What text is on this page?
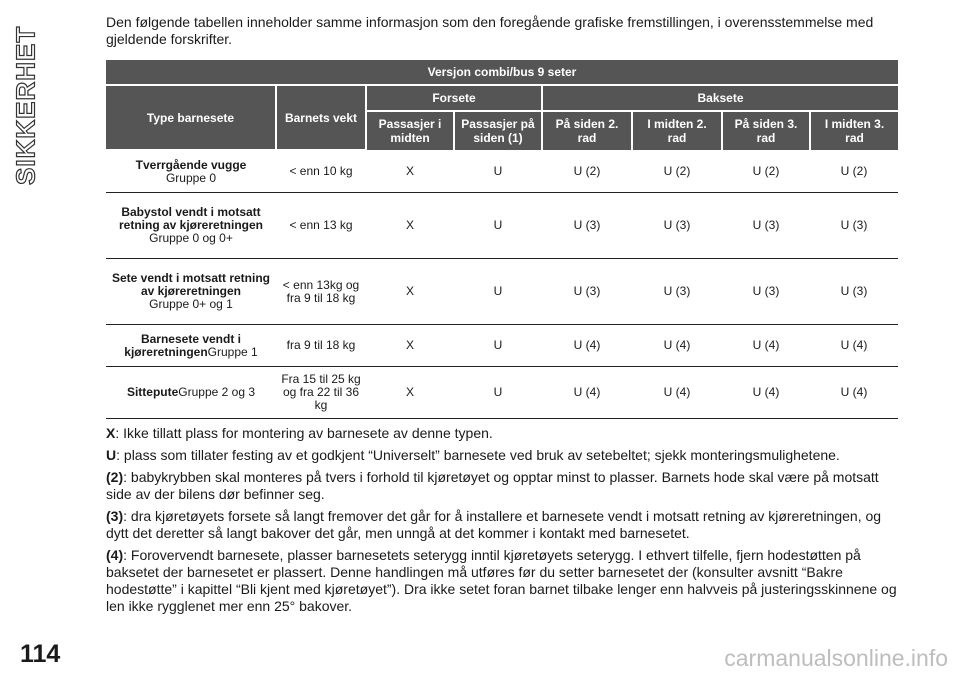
SIKKERHET

Den følgende tabellen inneholder samme informasjon som den foregående grafiske fremstillingen, i overensstemmelse med gjeldende forskrifter.

Versjon combi/bus 9 seter							
Type barnesete	Barnets vekt	Forsete		Baksete			
		Passasjer i midten	Passasjer på siden (1)	På siden 2. rad	I midten 2. rad	På siden 3. rad	I midten 3. rad
Tverrgående vugge
Gruppe 0	< enn 10 kg	X	U	U (2)	U (2)	U (2)	U (2)
Babystol vendt i motsatt retning av kjøreretningen
Gruppe 0 og 0+	< enn 13 kg	X	U	U (3)	U (3)	U (3)	U (3)
Sete vendt i motsatt retning av kjøreretningen
Gruppe 0+ og 1	< enn 13kg og fra 9 til 18 kg	X	U	U (3)	U (3)	U (3)	U (3)
Barnesete vendt i kjøreretningenGruppe 1	fra 9 til 18 kg	X	U	U (4)	U (4)	U (4)	U (4)
SitteputeGruppe 2 og 3	Fra 15 til 25 kg og fra 22 til 36 kg	X	U	U (4)	U (4)	U (4)	U (4)

X: Ikke tillatt plass for montering av barnesete av denne typen.

U: plass som tillater festing av et godkjent “Universelt” barnesete ved bruk av setebeltet; sjekk monteringsmulighetene.

(2): babykrybben skal monteres på tvers i forhold til kjøretøyet og opptar minst to plasser. Barnets hode skal være på motsatt side av der bilens dør befinner seg.

(3): dra kjøretøyets forsete så langt fremover det går for å installere et barnesete vendt i motsatt retning av kjøreretningen, og dytt det deretter så langt bakover det går, men unngå at det kommer i kontakt med barnesetet.

(4): Forovervendt barnesete, plasser barnesetets seterygg inntil kjøretøyets seterygg. I ethvert tilfelle, fjern hodestøtten på baksetet der barnesetet er plassert. Denne handlingen må utføres før du setter barnesetet der (konsulter avsnitt “Bakre hodestøtte” i kapittel “Bli kjent med kjøretøyet”). Dra ikke setet foran barnet tilbake lenger enn halvveis på justeringsskinnene og len ikke rygglenet mer enn 25° bakover.

114	carmanualsonline.info
